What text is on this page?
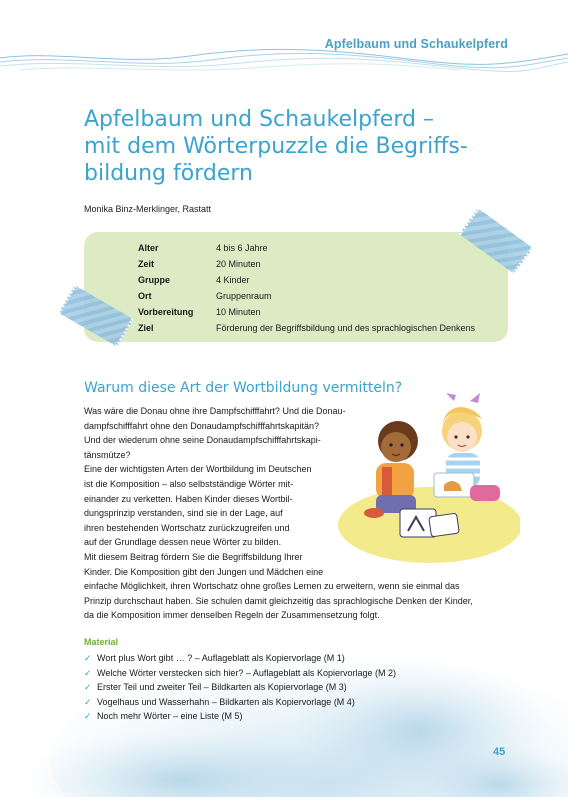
Apfelbaum und Schaukelpferd
Apfelbaum und Schaukelpferd –
mit dem Wörterpuzzle die Begriffs-
bildung fördern
Monika Binz-Merklinger, Rastatt
Alter	4 bis 6 Jahre
Zeit	20 Minuten
Gruppe	4 Kinder
Ort	Gruppenraum
Vorbereitung	10 Minuten
Ziel	Förderung der Begriffsbildung und des sprachlogischen Denkens
Warum diese Art der Wortbildung vermitteln?
Was wäre die Donau ohne ihre Dampfschifffahrt? Und die Donau-
dampfschifffahrt ohne den Donaudampfschifffahrtskapitän?
Und der wiederum ohne seine Donaudampfschifffahrtskapi-
tänsmütze?
Eine der wichtigsten Arten der Wortbildung im Deutschen
ist die Komposition – also selbstständige Wörter mit-
einander zu verketten. Haben Kinder dieses Wortbil-
dungsprinzip verstanden, sind sie in der Lage, auf
ihren bestehenden Wortschatz zurückzugreifen und
auf der Grundlage dessen neue Wörter zu bilden.
Mit diesem Beitrag fördern Sie die Begriffsbildung Ihrer
Kinder. Die Komposition gibt den Jungen und Mädchen eine
einfache Möglichkeit, ihren Wortschatz ohne großes Lernen zu erweitern, wenn sie einmal das
Prinzip durchschaut haben. Sie schulen damit gleichzeitig das sprachlogische Denken der Kinder,
da die Komposition immer denselben Regeln der Zusammensetzung folgt.
Material
✓ Wort plus Wort gibt … ? – Auflageblatt als Kopiervorlage (M 1)
✓ Welche Wörter verstecken sich hier? – Auflageblatt als Kopiervorlage (M 2)
✓ Erster Teil und zweiter Teil – Bildkarten als Kopiervorlage (M 3)
✓ Vogelhaus und Wasserhahn – Bildkarten als Kopiervorlage (M 4)
✓ Noch mehr Wörter – eine Liste (M 5)
45
